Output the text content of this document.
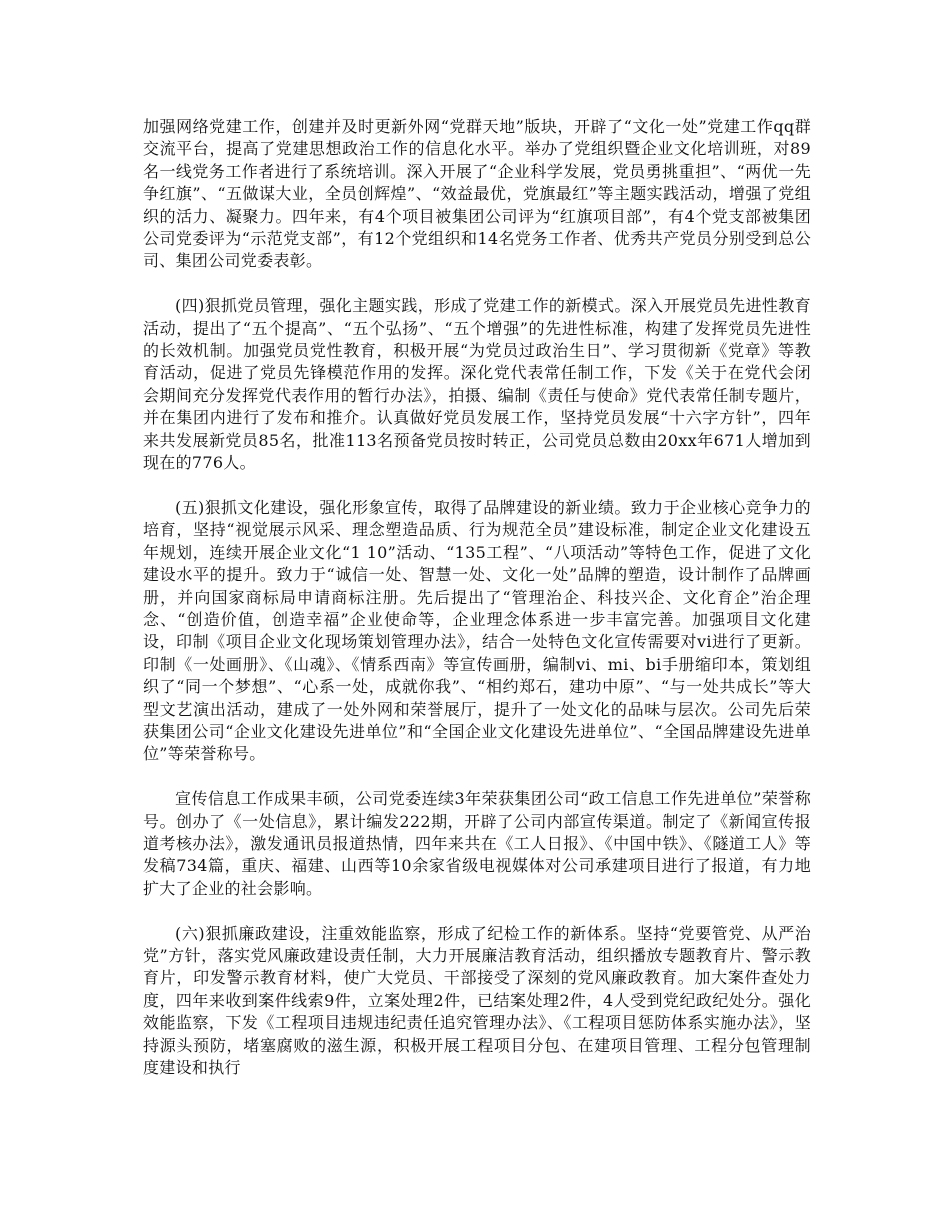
加强网络党建工作，创建并及时更新外网“党群天地”版块，开辟了“文化一处”党建工作qq群交流平台，提高了党建思想政治工作的信息化水平。举办了党组织暨企业文化培训班，对89名一线党务工作者进行了系统培训。深入开展了“企业科学发展，党员勇挑重担”、“两优一先争红旗”、“五做谋大业，全员创辉煌”、“效益最优，党旗最红”等主题实践活动，增强了党组织的活力、凝聚力。四年来，有4个项目被集团公司评为“红旗项目部”，有4个党支部被集团公司党委评为“示范党支部”，有12个党组织和14名党务工作者、优秀共产党员分别受到总公司、集团公司党委表彰。

(四)狠抓党员管理，强化主题实践，形成了党建工作的新模式。深入开展党员先进性教育活动，提出了“五个提高”、“五个弘扬”、“五个增强”的先进性标准，构建了发挥党员先进性的长效机制。加强党员党性教育，积极开展“为党员过政治生日”、学习贯彻新《党章》等教育活动，促进了党员先锋模范作用的发挥。深化党代表常任制工作，下发《关于在党代会闭会期间充分发挥党代表作用的暂行办法》，拍摄、编制《责任与使命》党代表常任制专题片，并在集团内进行了发布和推介。认真做好党员发展工作，坚持党员发展“十六字方针”，四年来共发展新党员85名，批准113名预备党员按时转正，公司党员总数由20xx年671人增加到现在的776人。

(五)狠抓文化建设，强化形象宣传，取得了品牌建设的新业绩。致力于企业核心竞争力的培育，坚持“视觉展示风采、理念塑造品质、行为规范全员”建设标准，制定企业文化建设五年规划，连续开展企业文化“1 10”活动、“135工程”、“八项活动”等特色工作，促进了文化建设水平的提升。致力于“诚信一处、智慧一处、文化一处”品牌的塑造，设计制作了品牌画册，并向国家商标局申请商标注册。先后提出了“管理治企、科技兴企、文化育企”治企理念、“创造价值，创造幸福”企业使命等，企业理念体系进一步丰富完善。加强项目文化建设，印制《项目企业文化现场策划管理办法》，结合一处特色文化宣传需要对vi进行了更新。印制《一处画册》、《山魂》、《情系西南》等宣传画册，编制vi、mi、bi手册缩印本，策划组织了“同一个梦想”、“心系一处，成就你我”、“相约郑石，建功中原”、“与一处共成长”等大型文艺演出活动，建成了一处外网和荣誉展厅，提升了一处文化的品味与层次。公司先后荣获集团公司“企业文化建设先进单位”和“全国企业文化建设先进单位”、“全国品牌建设先进单位”等荣誉称号。

宣传信息工作成果丰硕，公司党委连续3年荣获集团公司“政工信息工作先进单位”荣誉称号。创办了《一处信息》，累计编发222期，开辟了公司内部宣传渠道。制定了《新闻宣传报道考核办法》，激发通讯员报道热情，四年来共在《工人日报》、《中国中铁》、《隧道工人》等发稿734篇，重庆、福建、山西等10余家省级电视媒体对公司承建项目进行了报道，有力地扩大了企业的社会影响。

(六)狠抓廉政建设，注重效能监察，形成了纪检工作的新体系。坚持“党要管党、从严治党”方针，落实党风廉政建设责任制，大力开展廉洁教育活动，组织播放专题教育片、警示教育片，印发警示教育材料，使广大党员、干部接受了深刻的党风廉政教育。加大案件查处力度，四年来收到案件线索9件，立案处理2件，已结案处理2件，4人受到党纪政纪处分。强化效能监察，下发《工程项目违规违纪责任追究管理办法》、《工程项目惩防体系实施办法》，坚持源头预防，堵塞腐败的滋生源，积极开展工程项目分包、在建项目管理、工程分包管理制度建设和执行
